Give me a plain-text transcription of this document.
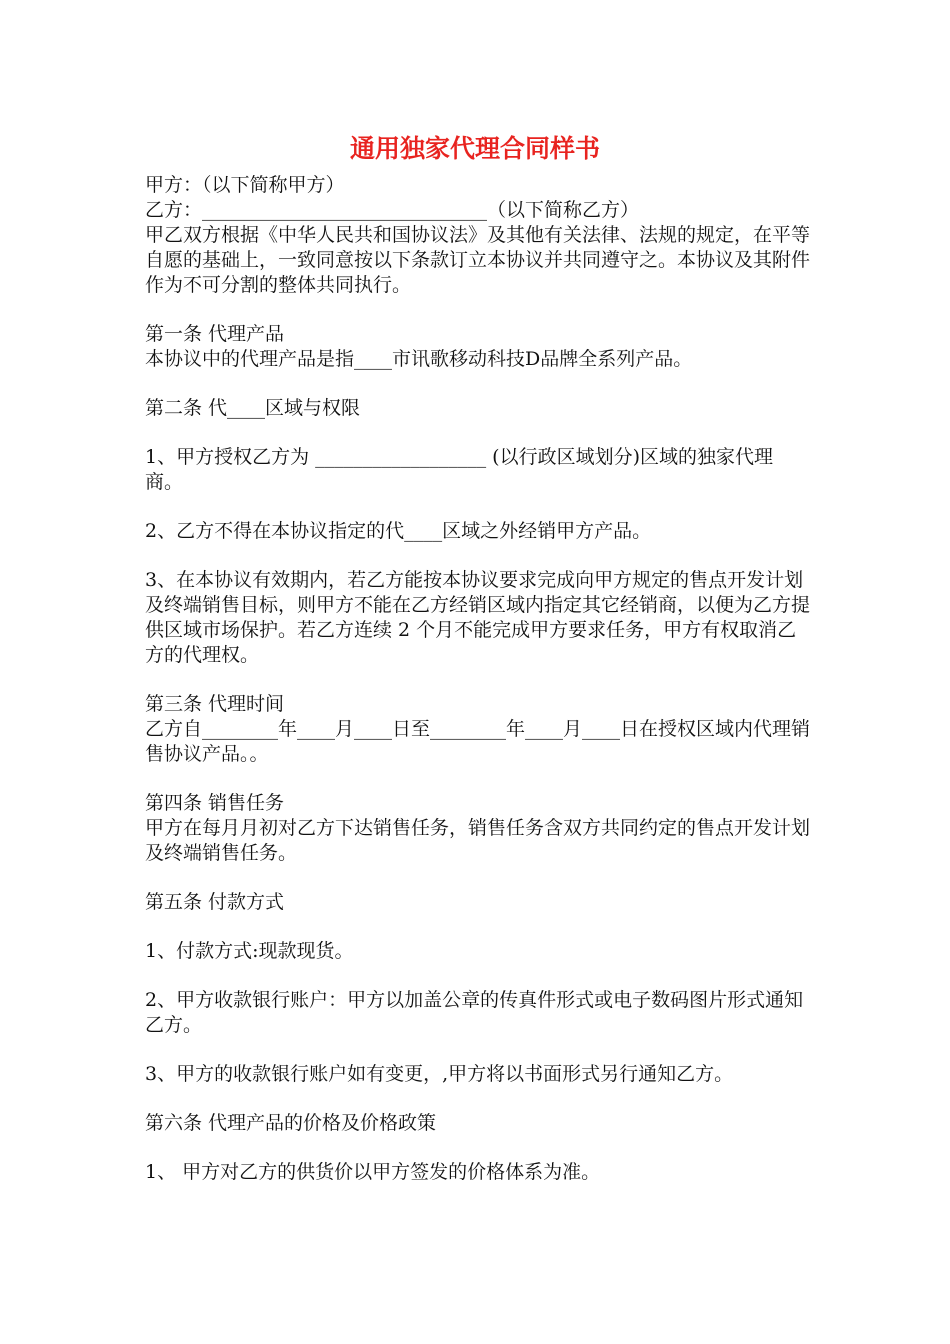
通用独家代理合同样书

甲方：（以下简称甲方）

乙方：______________________________（以下简称乙方）

甲乙双方根据《中华人民共和国协议法》及其他有关法律、法规的规定，在平等自愿的基础上，一致同意按以下条款订立本协议并共同遵守之。本协议及其附件作为不可分割的整体共同执行。

第一条 代理产品

本协议中的代理产品是指____市讯歌移动科技D品牌全系列产品。

第二条 代____区域与权限

1、甲方授权乙方为 __________________ (以行政区域划分)区域的独家代理商。

2、乙方不得在本协议指定的代____区域之外经销甲方产品。

3、在本协议有效期内，若乙方能按本协议要求完成向甲方规定的售点开发计划及终端销售目标，则甲方不能在乙方经销区域内指定其它经销商，以便为乙方提供区域市场保护。若乙方连续 2 个月不能完成甲方要求任务，甲方有权取消乙方的代理权。

第三条 代理时间

乙方自________年____月____日至________年____月____日在授权区域内代理销售协议产品。。

第四条 销售任务

甲方在每月月初对乙方下达销售任务，销售任务含双方共同约定的售点开发计划及终端销售任务。

第五条 付款方式

1、付款方式:现款现货。

2、甲方收款银行账户：甲方以加盖公章的传真件形式或电子数码图片形式通知乙方。

3、甲方的收款银行账户如有变更，,甲方将以书面形式另行通知乙方。

第六条 代理产品的价格及价格政策

1、 甲方对乙方的供货价以甲方签发的价格体系为准。
